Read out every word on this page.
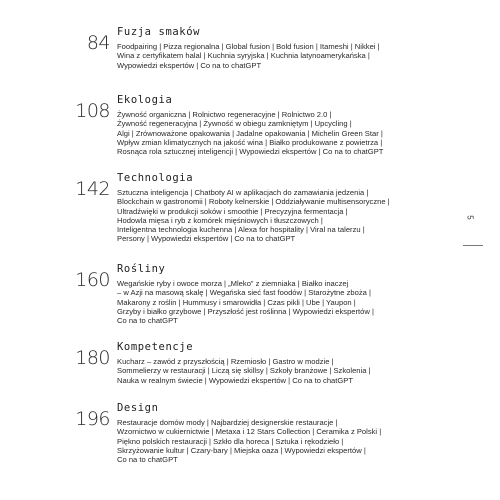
84 Fuzja smaków
Foodpairing | Pizza regionalna | Global fusion | Bold fusion | Itameshi | Nikkei |
Wina z certyfikatem halal | Kuchnia syryjska | Kuchnia latynoamerykańska |
Wypowiedzi ekspertów | Co na to chatGPT
108 Ekologia
Żywność organiczna | Rolnictwo regeneracyjne | Rolnictwo 2.0 |
Żywność regeneracyjna | Żywność w obiegu zamkniętym | Upcycling |
Algi | Zrównoważone opakowania | Jadalne opakowania | Michelin Green Star |
Wpływ zmian klimatycznych na jakość wina | Białko produkowane z powietrza |
Rosnąca rola sztucznej inteligencji | Wypowiedzi ekspertów | Co na to chatGPT
142 Technologia
Sztuczna inteligencja | Chatboty AI w aplikacjach do zamawiania jedzenia |
Blockchain w gastronomii | Roboty kelnerskie | Oddziaływanie multisensoryczne |
Ultradźwięki w produkcji soków i smoothie | Precyzyjna fermentacja |
Hodowla mięsa i ryb z komórek mięśniowych i tłuszczowych |
Inteligentna technologia kuchenna | Alexa for hospitality | Viral na talerzu |
Persony | Wypowiedzi ekspertów | Co na to chatGPT
160 Rośliny
Wegańskie ryby i owoce morza | „Mleko” z ziemniaka | Białko inaczej
– w Azji na masową skalę | Wegańska sieć fast foodów | Starożytne zboża |
Makarony z roślin | Hummusy i smarowidła | Czas pikli | Ube | Yaupon |
Grzyby i białko grzybowe | Przyszłość jest roślinna | Wypowiedzi ekspertów |
Co na to chatGPT
180 Kompetencje
Kucharz – zawód z przyszłością | Rzemiosło | Gastro w modzie |
Sommelierzy w restauracji | Liczą się skillsy | Szkoły branżowe | Szkolenia |
Nauka w realnym świecie | Wypowiedzi ekspertów | Co na to chatGPT
196 Design
Restauracje domów mody | Najbardziej designerskie restauracje |
Wzornictwo w cukiernictwie | Metaxa i 12 Stars Collection | Ceramika z Polski |
Piękno polskich restauracji | Szkło dla horeca | Sztuka i rękodzieło |
Skrzyżowanie kultur | Czary-bary | Miejska oaza | Wypowiedzi ekspertów |
Co na to chatGPT
5
